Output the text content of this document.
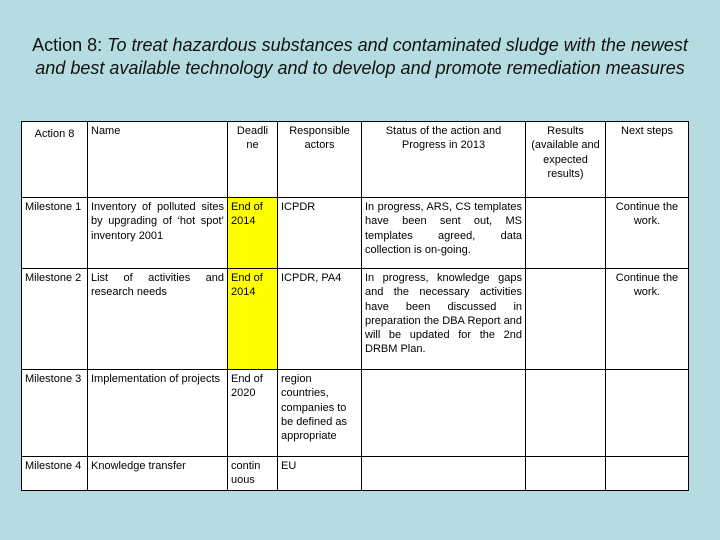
Action 8: To treat hazardous substances and contaminated sludge with the newest and best available technology and to develop and promote remediation measures
Action 8	Name	Deadli ne	Responsible actors	Status of the action and Progress in 2013	Results (available and expected results)	Next steps
Milestone 1	Inventory of polluted sites by upgrading of ‘hot spot’ inventory 2001	End of 2014	ICPDR	In progress, ARS, CS templates have been sent out, MS templates agreed, data collection is on-going.		Continue the work.
Milestone 2	List of activities and research needs	End of 2014	ICPDR, PA4	In progress, knowledge gaps and the necessary activities have been discussed in preparation the DBA Report and will be updated for the 2nd DRBM Plan.		Continue the work.
Milestone 3	Implementation of projects	End of 2020	region countries, companies to be defined as appropriate			
Milestone 4	Knowledge transfer	contin uous	EU			
